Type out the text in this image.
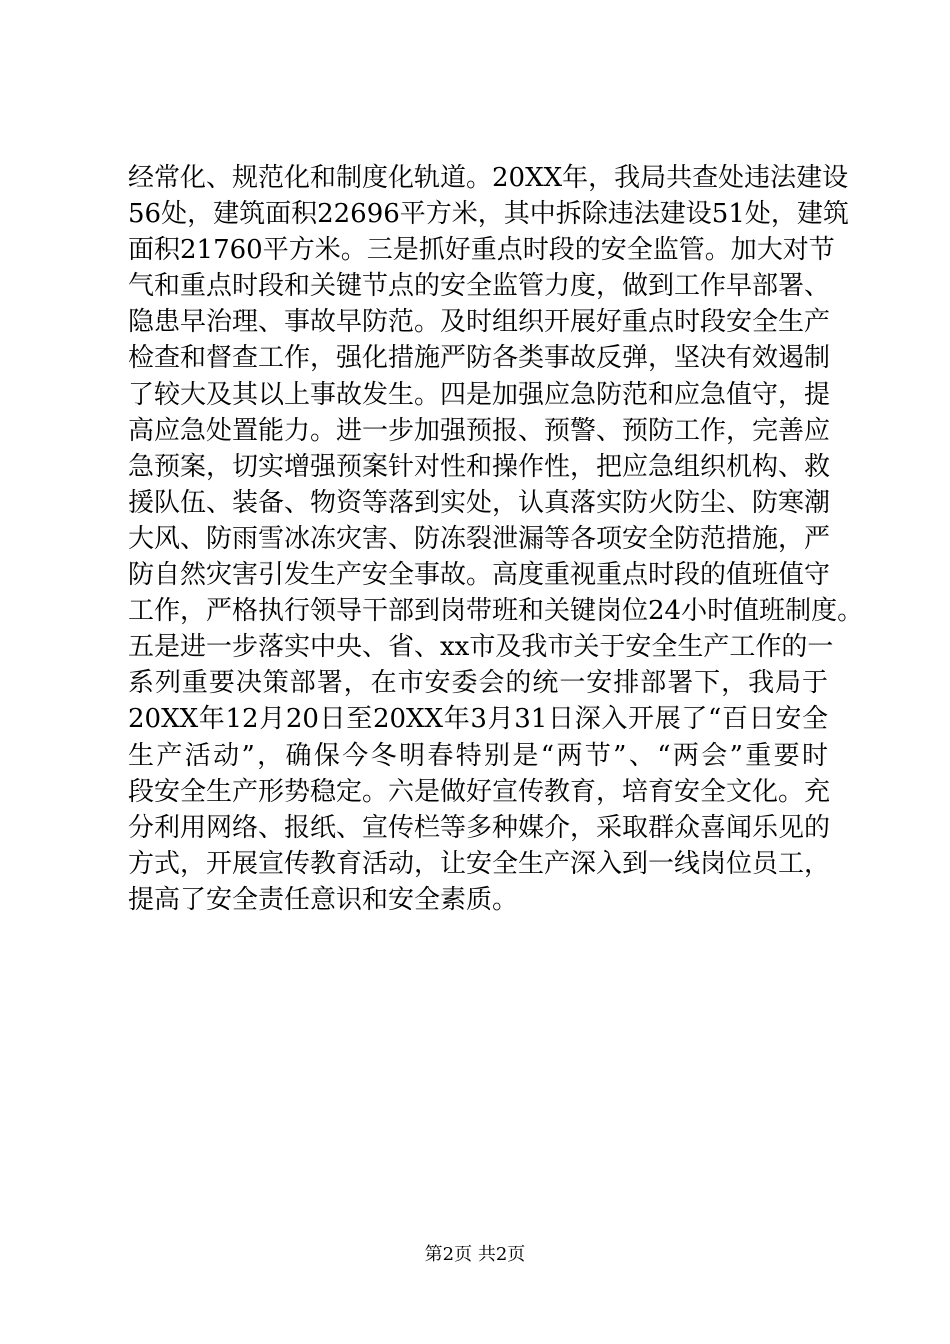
经常化、规范化和制度化轨道。20XX年，我局共查处违法建设
56处，建筑面积22696平方米，其中拆除违法建设51处，建筑
面积21760平方米。三是抓好重点时段的安全监管。加大对节
气和重点时段和关键节点的安全监管力度，做到工作早部署、
隐患早治理、事故早防范。及时组织开展好重点时段安全生产
检查和督查工作，强化措施严防各类事故反弹，坚决有效遏制
了较大及其以上事故发生。四是加强应急防范和应急值守，提
高应急处置能力。进一步加强预报、预警、预防工作，完善应
急预案，切实增强预案针对性和操作性，把应急组织机构、救
援队伍、装备、物资等落到实处，认真落实防火防尘、防寒潮
大风、防雨雪冰冻灾害、防冻裂泄漏等各项安全防范措施，严
防自然灾害引发生产安全事故。高度重视重点时段的值班值守
工作，严格执行领导干部到岗带班和关键岗位24小时值班制度。
五是进一步落实中央、省、xx市及我市关于安全生产工作的一
系列重要决策部署，在市安委会的统一安排部署下，我局于
20XX年12月20日至20XX年3月31日深入开展了“百日安全
生产活动”，确保今冬明春特别是“两节”、“两会”重要时
段安全生产形势稳定。六是做好宣传教育，培育安全文化。充
分利用网络、报纸、宣传栏等多种媒介，采取群众喜闻乐见的
方式，开展宣传教育活动，让安全生产深入到一线岗位员工，
提高了安全责任意识和安全素质。
第2页 共2页
